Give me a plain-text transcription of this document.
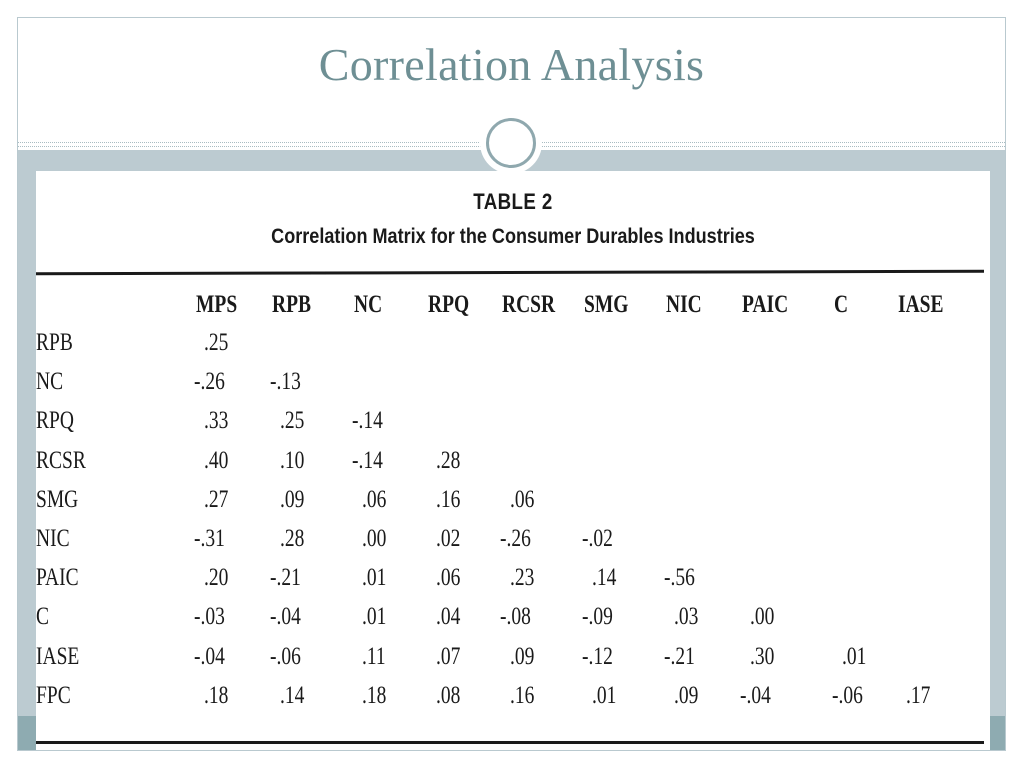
Correlation Analysis
TABLE 2
Correlation Matrix for the Consumer Durables Industries
MPS RPB NC RPQ RCSR SMG NIC PAIC C IASE
RPB	.25
NC	-.26 -.13
RPQ	.33 .25 -.14
RCSR	.40 .10 -.14 .28
SMG	.27 .09 .06 .16 .06
NIC	-.31 .28 .00 .02 -.26 -.02
PAIC	.20 -.21 .01 .06 .23 .14 -.56
C	-.03 -.04 .01 .04 -.08 -.09 .03 .00
IASE	-.04 -.06 .11 .07 .09 -.12 -.21 .30	.01
FPC	.18 .14 .18 .08 .16 .01 .09 -.04 -.06 .17
